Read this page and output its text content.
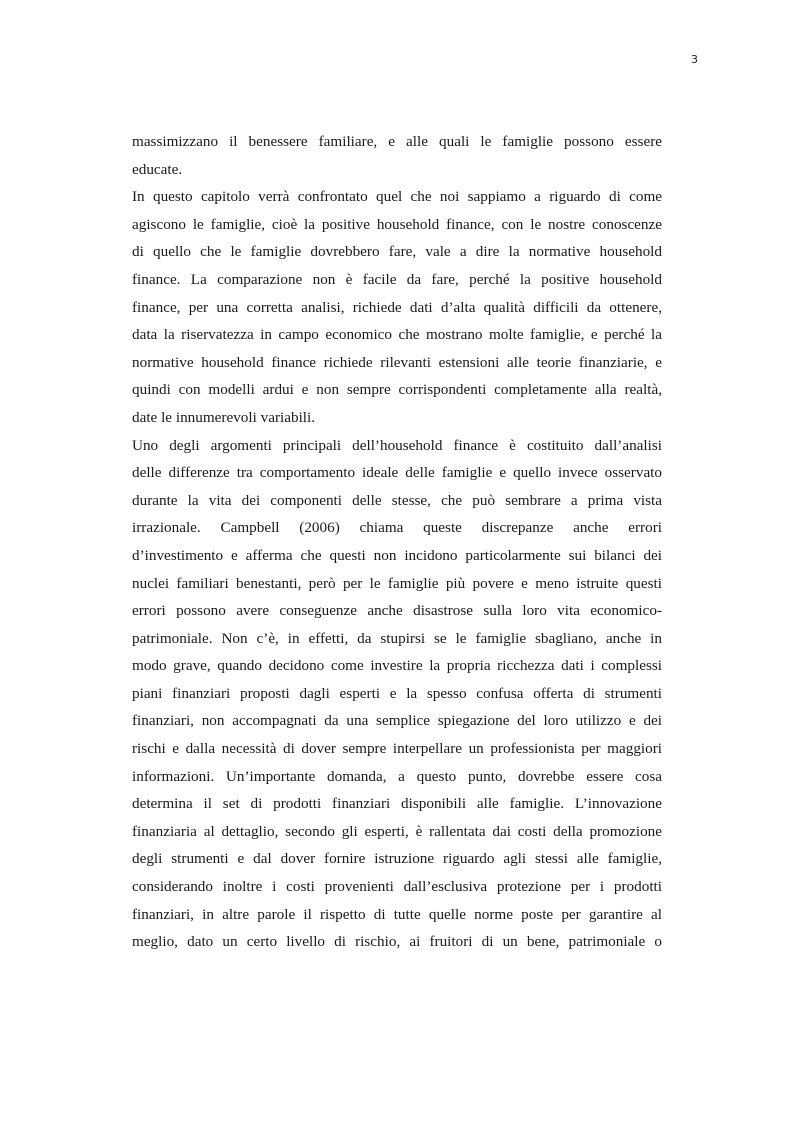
3
massimizzano il benessere familiare, e alle quali le famiglie possono essere
educate.
In questo capitolo verrà confrontato quel che noi sappiamo a riguardo di come
agiscono le famiglie, cioè la positive household finance, con le nostre conoscenze
di quello che le famiglie dovrebbero fare, vale a dire la normative household
finance. La comparazione non è facile da fare, perché la positive household
finance, per una corretta analisi, richiede dati d’alta qualità difficili da ottenere,
data la riservatezza in campo economico che mostrano molte famiglie, e perché la
normative household finance richiede rilevanti estensioni alle teorie finanziarie, e
quindi con modelli ardui e non sempre corrispondenti completamente alla realtà,
date le innumerevoli variabili.
Uno degli argomenti principali dell’household finance è costituito dall’analisi
delle differenze tra comportamento ideale delle famiglie e quello invece osservato
durante la vita dei componenti delle stesse, che può sembrare a prima vista
irrazionale. Campbell (2006) chiama queste discrepanze anche errori
d’investimento e afferma che questi non incidono particolarmente sui bilanci dei
nuclei familiari benestanti, però per le famiglie più povere e meno istruite questi
errori possono avere conseguenze anche disastrose sulla loro vita economico-
patrimoniale. Non c’è, in effetti, da stupirsi se le famiglie sbagliano, anche in
modo grave, quando decidono come investire la propria ricchezza dati i complessi
piani finanziari proposti dagli esperti e la spesso confusa offerta di strumenti
finanziari, non accompagnati da una semplice spiegazione del loro utilizzo e dei
rischi e dalla necessità di dover sempre interpellare un professionista per maggiori
informazioni. Un’importante domanda, a questo punto, dovrebbe essere cosa
determina il set di prodotti finanziari disponibili alle famiglie. L’innovazione
finanziaria al dettaglio, secondo gli esperti, è rallentata dai costi della promozione
degli strumenti e dal dover fornire istruzione riguardo agli stessi alle famiglie,
considerando inoltre i costi provenienti dall’esclusiva protezione per i prodotti
finanziari, in altre parole il rispetto di tutte quelle norme poste per garantire al
meglio, dato un certo livello di rischio, ai fruitori di un bene, patrimoniale o
